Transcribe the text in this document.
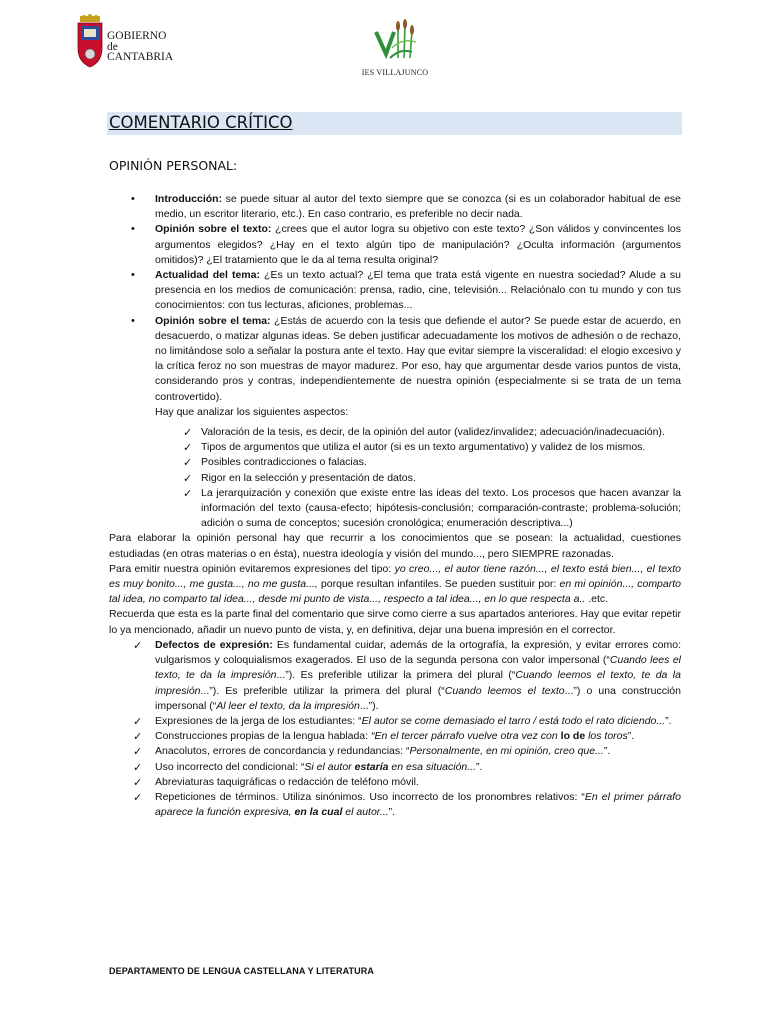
GOBIERNO
de
CANTABRIA
IES VILLAJUNCO
COMENTARIO CRÍTICO
OPINIÓN PERSONAL:
• Introducción: se puede situar al autor del texto siempre que se conozca (si es un colaborador habitual de ese medio, un escritor literario, etc.). En caso contrario, es preferible no decir nada.
• Opinión sobre el texto: ¿crees que el autor logra su objetivo con este texto? ¿Son válidos y convincentes los argumentos elegidos? ¿Hay en el texto algún tipo de manipulación? ¿Oculta información (argumentos omitidos)? ¿El tratamiento que le da al tema resulta original?
• Actualidad del tema: ¿Es un texto actual? ¿El tema que trata está vigente en nuestra sociedad? Alude a su presencia en los medios de comunicación: prensa, radio, cine, televisión... Relaciónalo con tu mundo y con tus conocimientos: con tus lecturas, aficiones, problemas...
• Opinión sobre el tema: ¿Estás de acuerdo con la tesis que defiende el autor? Se puede estar de acuerdo, en desacuerdo, o matizar algunas ideas. Se deben justificar adecuadamente los motivos de adhesión o de rechazo, no limitándose solo a señalar la postura ante el texto. Hay que evitar siempre la visceralidad: el elogio excesivo y la crítica feroz no son muestras de mayor madurez. Por eso, hay que argumentar desde varios puntos de vista, considerando pros y contras, independientemente de nuestra opinión (especialmente si se trata de un tema controvertido).
Hay que analizar los siguientes aspectos:
✓ Valoración de la tesis, es decir, de la opinión del autor (validez/invalidez; adecuación/inadecuación).
✓ Tipos de argumentos que utiliza el autor (si es un texto argumentativo) y validez de los mismos.
✓ Posibles contradicciones o falacias.
✓ Rigor en la selección y presentación de datos.
✓ La jerarquización y conexión que existe entre las ideas del texto. Los procesos que hacen avanzar la información del texto (causa-efecto; hipótesis-conclusión; comparación-contraste; problema-solución; adición o suma de conceptos; sucesión cronológica; enumeración descriptiva...)

Para elaborar la opinión personal hay que recurrir a los conocimientos que se posean: la actualidad, cuestiones estudiadas (en otras materias o en ésta), nuestra ideología y visión del mundo..., pero SIEMPRE razonadas.

Para emitir nuestra opinión evitaremos expresiones del tipo: yo creo..., el autor tiene razón..., el texto está bien..., el texto es muy bonito..., me gusta..., no me gusta..., porque resultan infantiles. Se pueden sustituir por: en mi opinión..., comparto tal idea, no comparto tal idea..., desde mi punto de vista..., respecto a tal idea..., en lo que respecta a.. .etc.

Recuerda que esta es la parte final del comentario que sirve como cierre a sus apartados anteriores. Hay que evitar repetir lo ya mencionado, añadir un nuevo punto de vista, y, en definitiva, dejar una buena impresión en el corrector.

✓ Defectos de expresión: Es fundamental cuidar, además de la ortografía, la expresión, y evitar errores como: vulgarismos y coloquialismos exagerados. El uso de la segunda persona con valor impersonal (“Cuando lees el texto, te da la impresión...”). Es preferible utilizar la primera del plural (“Cuando leemos el texto, te da la impresión...”). Es preferible utilizar la primera del plural (“Cuando leemos el texto...”) o una construcción impersonal (“Al leer el texto, da la impresión...”).
✓ Expresiones de la jerga de los estudiantes: “El autor se come demasiado el tarro / está todo el rato diciendo...”.
✓ Construcciones propias de la lengua hablada: “En el tercer párrafo vuelve otra vez con lo de los toros”.
✓ Anacolutos, errores de concordancia y redundancias: “Personalmente, en mi opinión, creo que...”.
✓ Uso incorrecto del condicional: “Si el autor estaría en esa situación...”.
✓ Abreviaturas taquigráficas o redacción de teléfono móvil.
✓ Repeticiones de términos. Utiliza sinónimos. Uso incorrecto de los pronombres relativos: “En el primer párrafo aparece la función expresiva, en la cual el autor...”.
DEPARTAMENTO DE LENGUA CASTELLANA Y LITERATURA
